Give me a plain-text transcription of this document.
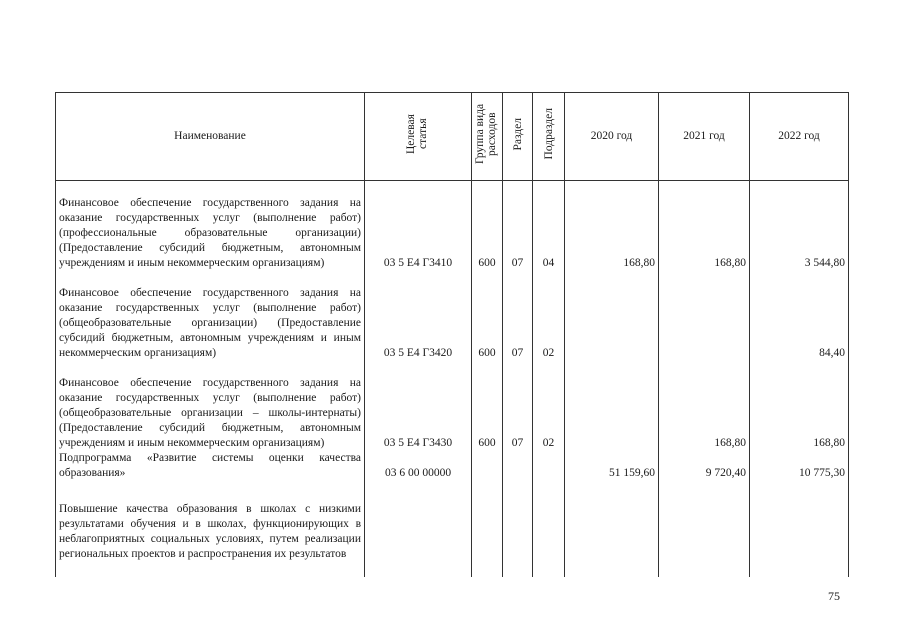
Наименование	Целевая статья	Группа вида расходов	Раздел	Подраздел	2020 год	2021 год	2022 год
Финансовое обеспечение государственного задания на оказание государственных услуг (выполнение работ) (профессиональные образовательные организации) (Предоставление субсидий бюджетным, автономным учреждениям и иным некоммерческим организациям)	03 5 Е4 Г3410	600	07	04	168,80	168,80	3 544,80
Финансовое обеспечение государственного задания на оказание государственных услуг (выполнение работ) (общеобразовательные организации) (Предоставление субсидий бюджетным, автономным учреждениям и иным некоммерческим организациям)	03 5 Е4 Г3420	600	07	02			84,40
Финансовое обеспечение государственного задания на оказание государственных услуг (выполнение работ) (общеобразовательные организации – школы-интернаты) (Предоставление субсидий бюджетным, автономным учреждениям и иным некоммерческим организациям)	03 5 Е4 Г3430	600	07	02		168,80	168,80
Подпрограмма «Развитие системы оценки качества образования»	03 6 00 00000				51 159,60	9 720,40	10 775,30

Повышение качества образования в школах с низкими результатами обучения и в школах, функционирующих в неблагоприятных социальных условиях, путем реализации региональных проектов и распространения их результатов							

75
